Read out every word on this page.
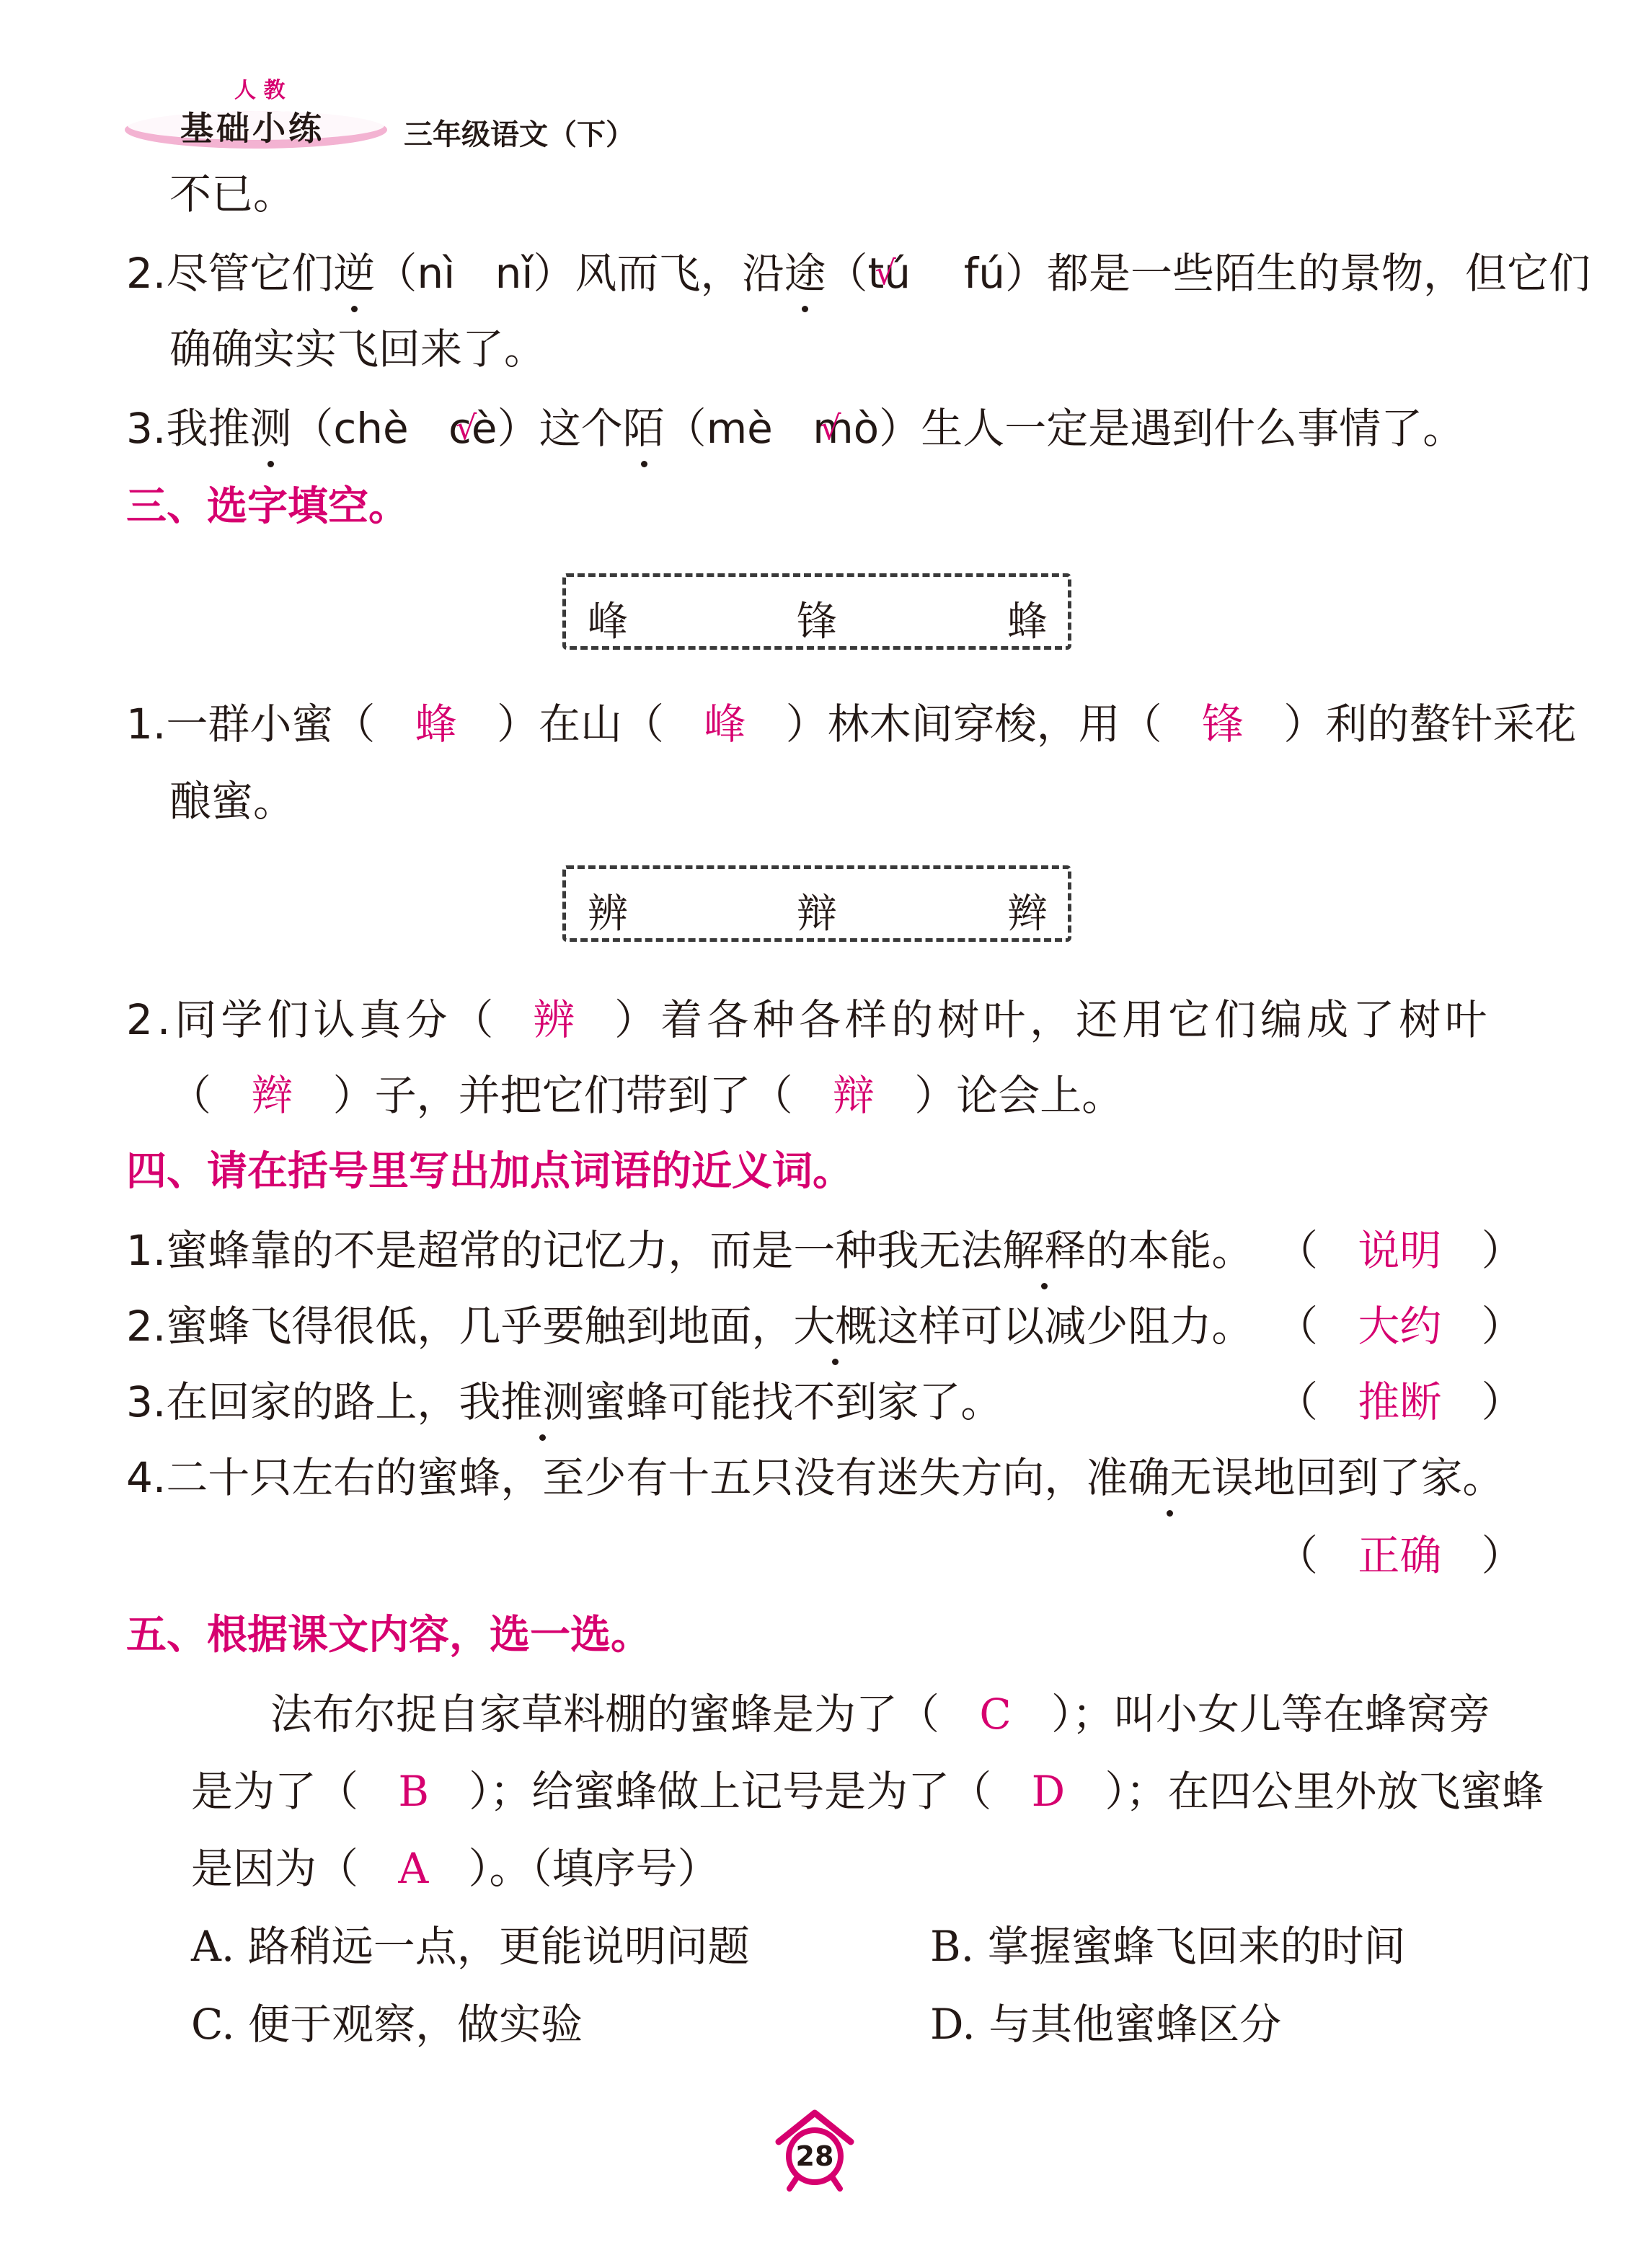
人 教
基础小练	三年级语文（下）
不已。
2.尽管它们逆（nì nǐ）风而飞，沿途（√ tú fú）都是一些陌生的景物，但它们
确确实实飞回来了。
3.我推测（chè √ cè）这个陌（mè √ mò）生人一定是遇到什么事情了。
三、选字填空。
峰	锋	蜂
1.一群小蜜（   蜂   ）在山（   峰   ）林木间穿梭，用（   锋   ）利的螯针采花
酿蜜。
辨	辩	辫
2.同学们认真分（  辨  ）着各种各样的树叶，还用它们编成了树叶
（   辫   ）子，并把它们带到了（   辩   ）论会上。
四、请在括号里写出加点词语的近义词。
1.蜜蜂靠的不是超常的记忆力，而是一种我无法解释的本能。 （   说明   ）
2.蜜蜂飞得很低，几乎要触到地面，大概这样可以减少阻力。 （   大约   ）
3.在回家的路上，我推测蜜蜂可能找不到家了。	（   推断   ）
4.二十只左右的蜜蜂，至少有十五只没有迷失方向，准确无误地回到了家。
（   正确   ）
五、根据课文内容，选一选。
法布尔捉自家草料棚的蜜蜂是为了（   C   ）；叫小女儿等在蜂窝旁
是为了（   B   ）；给蜜蜂做上记号是为了（   D   ）；在四公里外放飞蜜蜂
是因为（   A   ）。（填序号）
A. 路稍远一点，更能说明问题	B. 掌握蜜蜂飞回来的时间
C. 便于观察，做实验	D. 与其他蜜蜂区分
28
